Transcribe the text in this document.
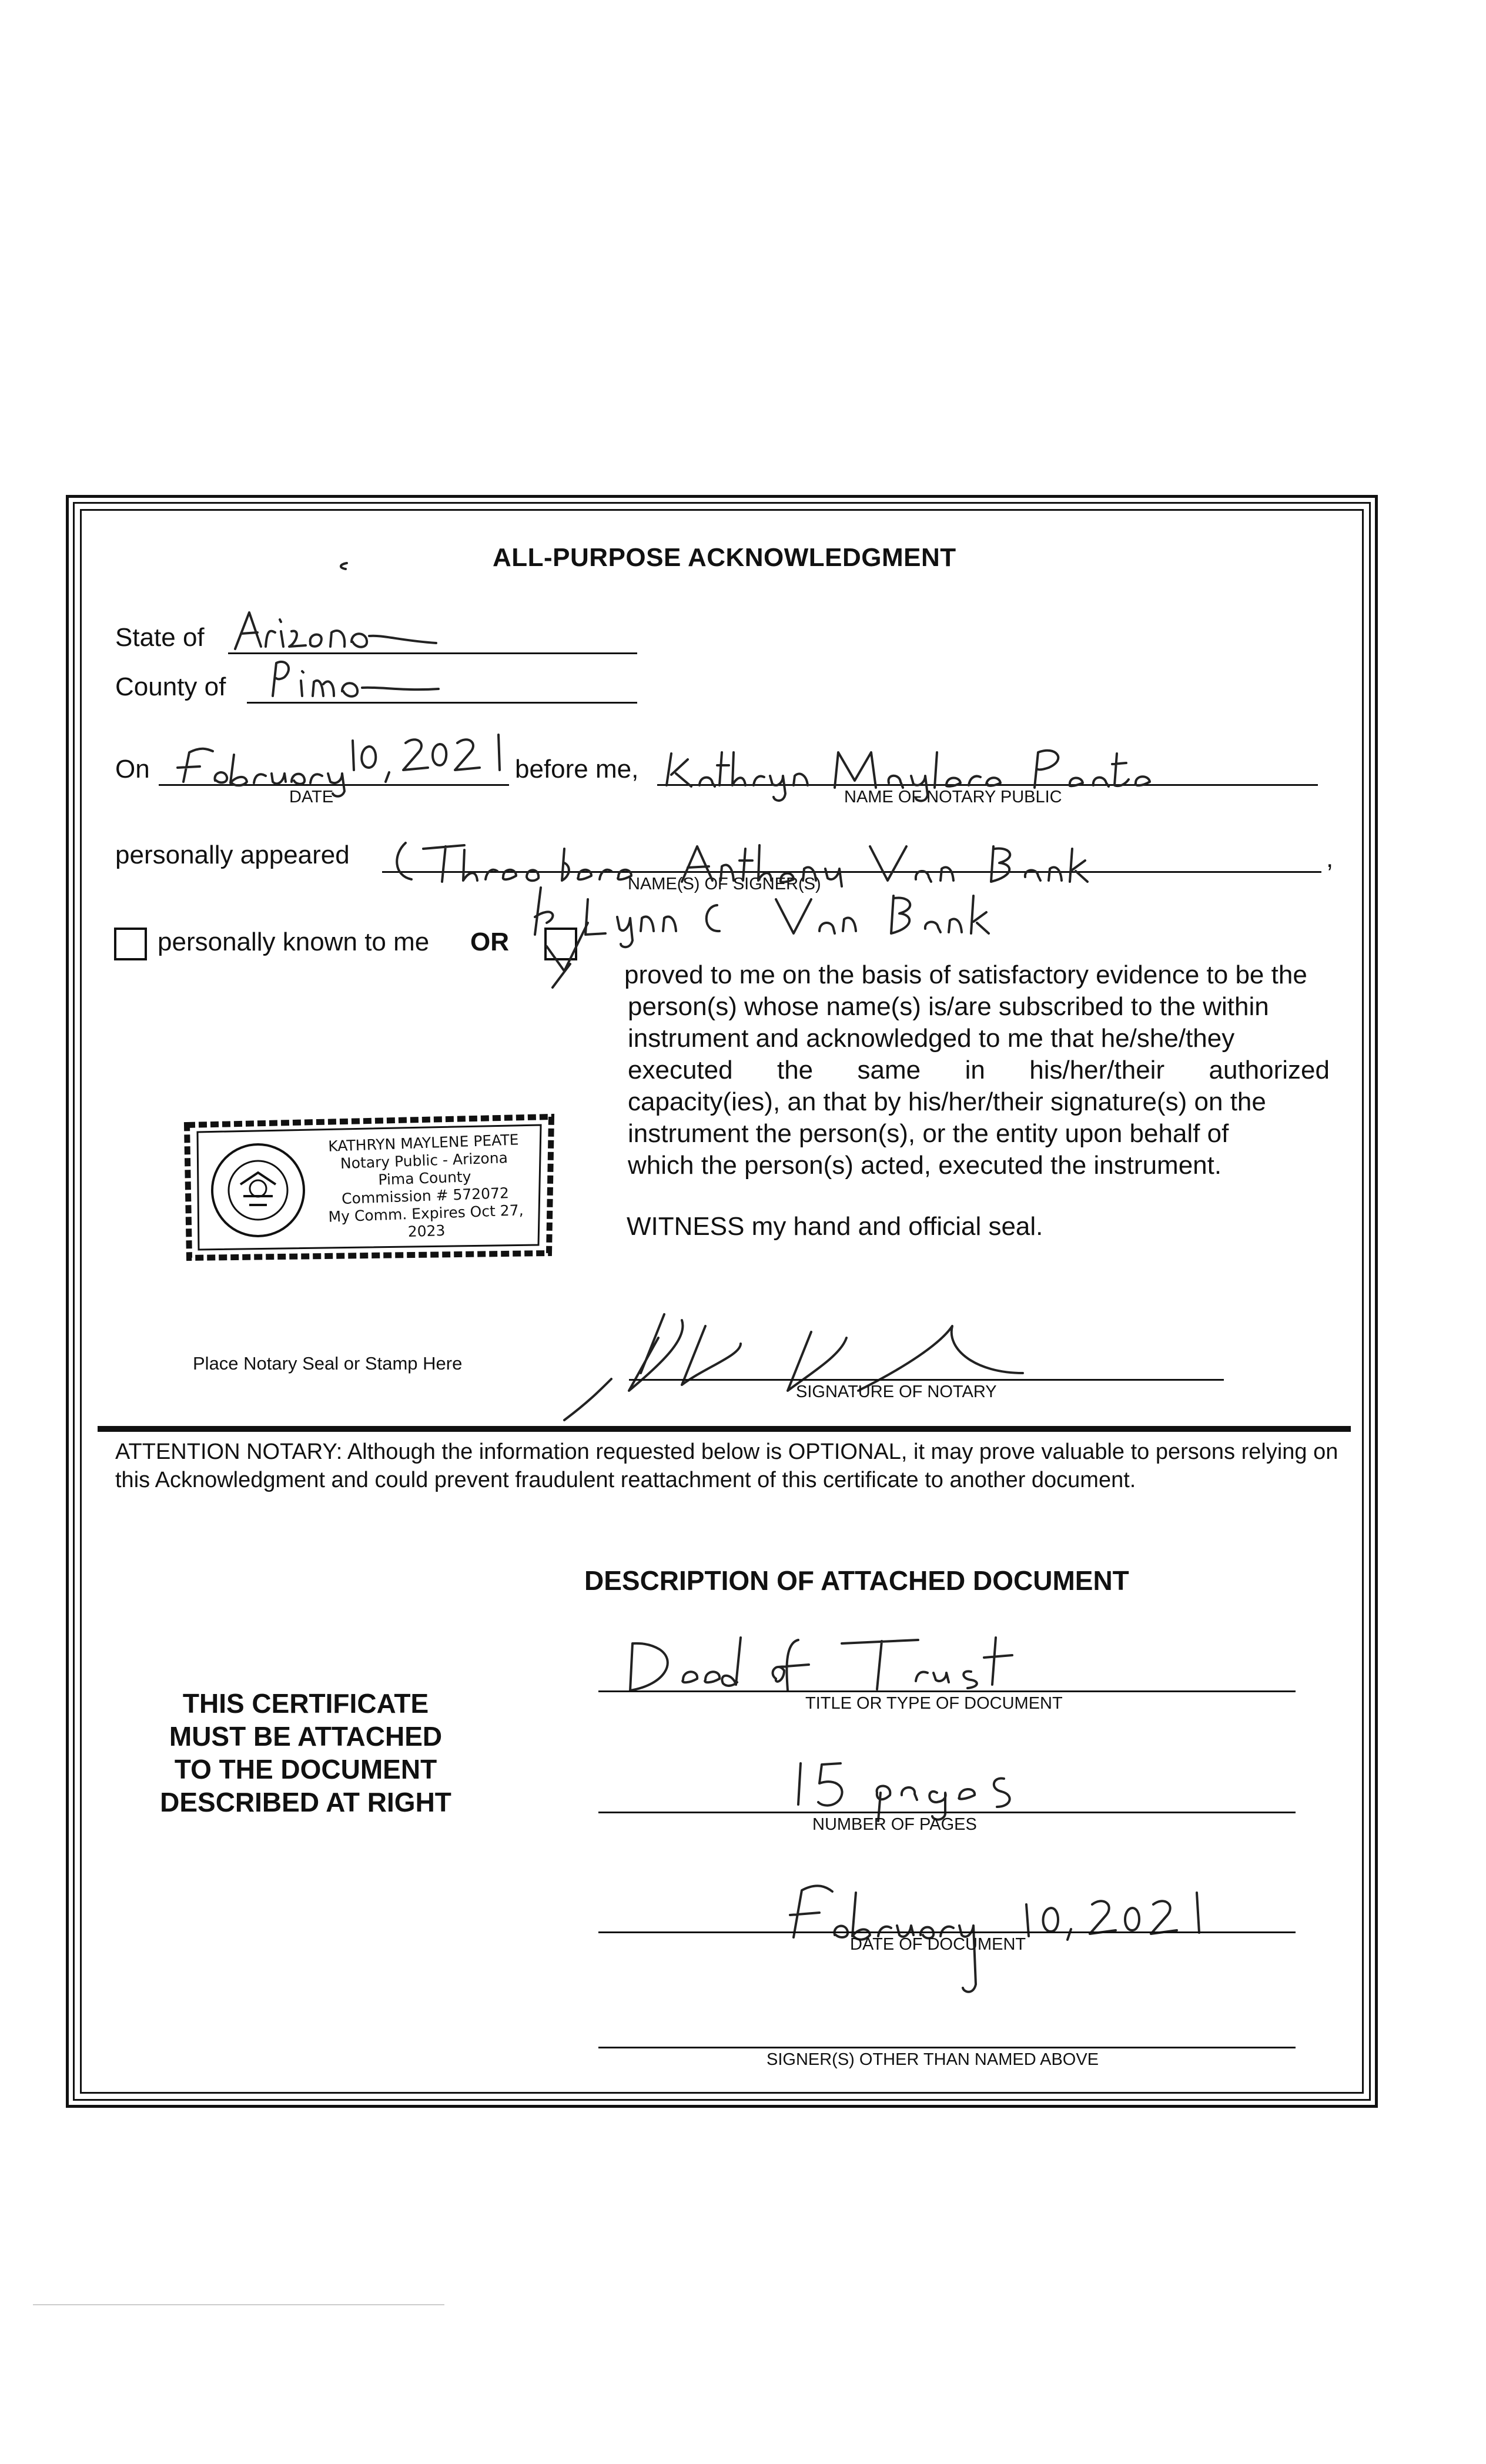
ALL-PURPOSE ACKNOWLEDGMENT
State of
County of
On
DATE
before me,
NAME OF NOTARY PUBLIC
personally appeared	,
NAME(S) OF SIGNER(S)
personally known to me OR
proved to me on the basis of satisfactory evidence to be the
person(s) whose name(s) is/are subscribed to the within
instrument and acknowledged to me that he/she/they
executed the same in his/her/their authorized
capacity(ies), an that by his/her/their signature(s) on the
instrument the person(s), or the entity upon behalf of
which the person(s) acted, executed the instrument.
WITNESS my hand and official seal.
KATHRYN MAYLENE PEATE
Notary Public - Arizona
Pima County
Commission # 572072
My Comm. Expires Oct 27, 2023
Place Notary Seal or Stamp Here
SIGNATURE OF NOTARY
ATTENTION NOTARY: Although the information requested below is OPTIONAL, it may prove valuable to persons relying on this Acknowledgment and could prevent fraudulent reattachment of this certificate to another document.
DESCRIPTION OF ATTACHED DOCUMENT
THIS CERTIFICATE
MUST BE ATTACHED
TO THE DOCUMENT
DESCRIBED AT RIGHT
TITLE OR TYPE OF DOCUMENT
NUMBER OF PAGES
DATE OF DOCUMENT
SIGNER(S) OTHER THAN NAMED ABOVE
